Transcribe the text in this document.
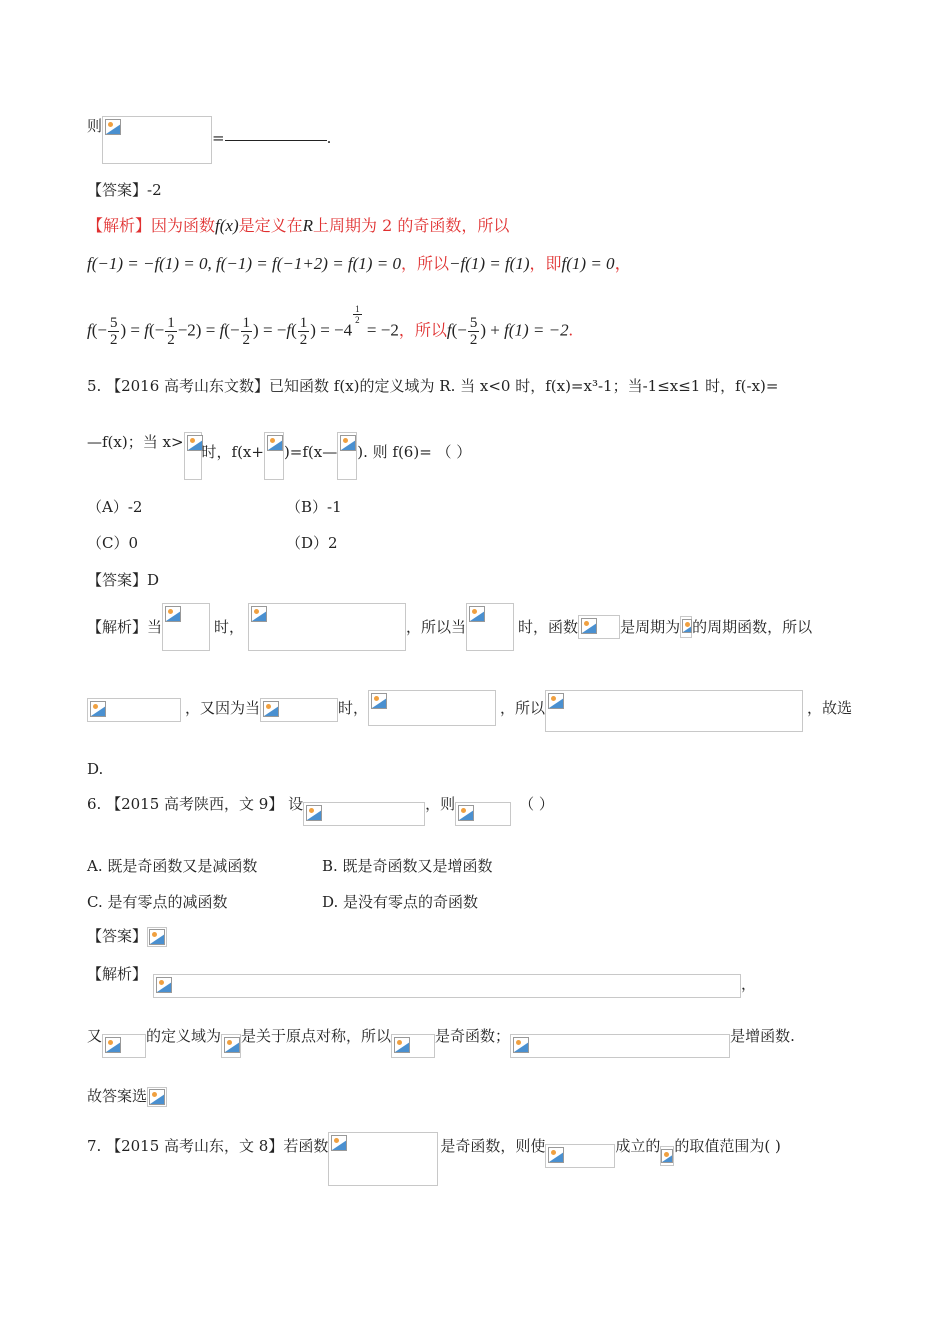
则
=	.
【答案】-2
【解析】因为函数f(x)是定义在R上周期为 2 的奇函数，所以
f(−1) = −f(1) = 0, f(−1) = f(−1+2) = f(1) = 0，所以−f(1) = f(1)，即f(1) = 0，
$f(- \frac{5}{2}$ ) = $f(- \frac{1}{2} -2) = f(- \frac{1}{2}$ ) = $-f( \frac{1}{2}$ ) = −4
$^{\frac{1}{2}}$
= −2，所以$f(- \frac{5}{2}$ ) + f(1) = −2.
5. 【2016 高考山东文数】已知函数 f(x)的定义域为 R. 当 x<0 时，f(x)=x³-1；当-1≤x≤1 时，f(-x)=
—f(x)；当 x>
时，f(x+ )=f(x— ). 则 f(6)= （ ）
（A）-2	（B）-1
（C）0	（D）2
【答案】D
【解析】当	时，	，所以当	时，函数	是周期为 的周期函数，所以
，又因为当	时，	，所以	，故选
D.
6. 【2015 高考陕西，文 9】 设	，则	（ ）
A. 既是奇函数又是减函数	B. 既是奇函数又是增函数
C. 是有零点的减函数	D. 是没有零点的奇函数
【答案】
【解析】

，
又	的定义域为 是关于原点对称，所以	是奇函数；	是增函数.
故答案选
7. 【2015 高考山东，文 8】若函数	是奇函数，则使	成立的 的取值范围为( )
